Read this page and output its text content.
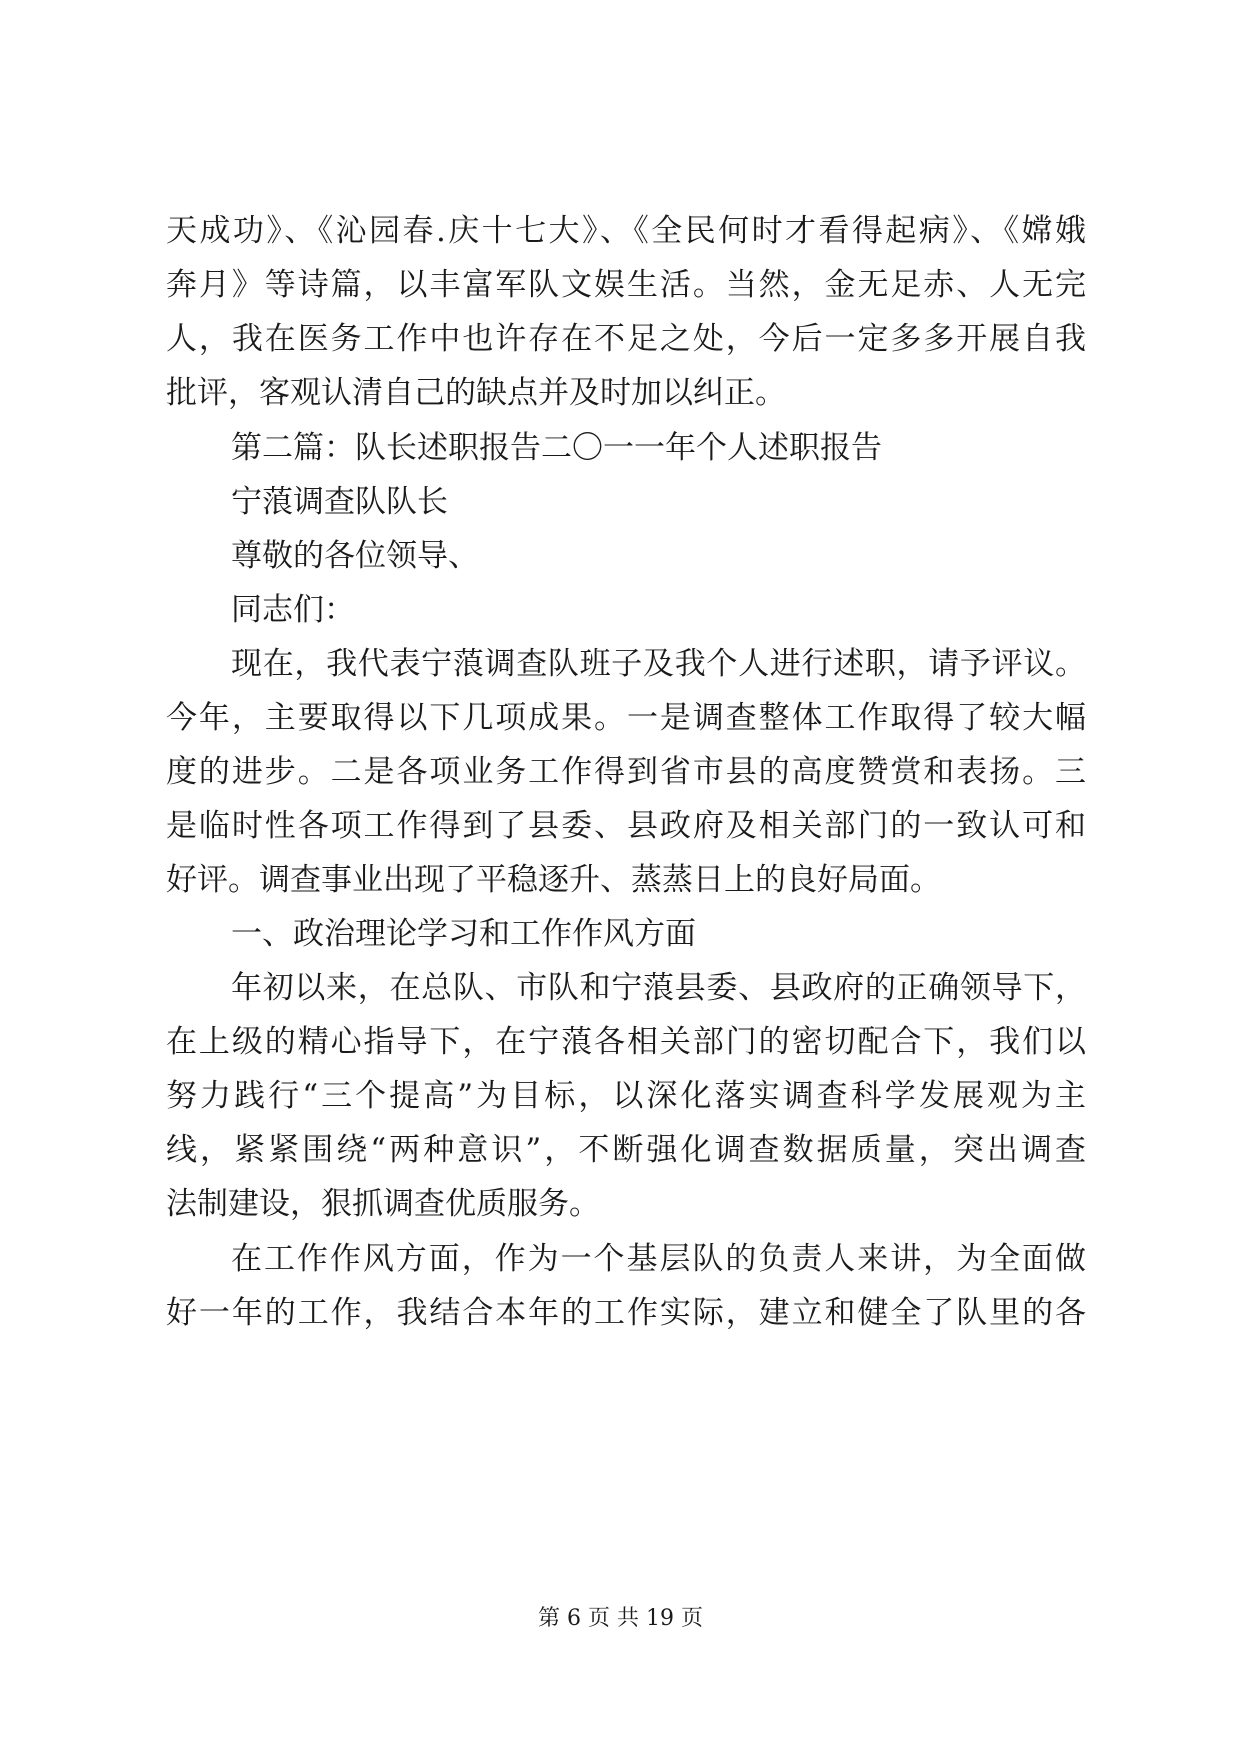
天成功》、《沁园春.庆十七大》、《全民何时才看得起病》、《嫦娥
奔月》等诗篇，以丰富军队文娱生活。当然，金无足赤、人无完
人，我在医务工作中也许存在不足之处，今后一定多多开展自我
批评，客观认清自己的缺点并及时加以纠正。
第二篇：队长述职报告二〇一一年个人述职报告
宁蒗调查队队长
尊敬的各位领导、
同志们：
现在，我代表宁蒗调查队班子及我个人进行述职，请予评议。
今年，主要取得以下几项成果。一是调查整体工作取得了较大幅
度的进步。二是各项业务工作得到省市县的高度赞赏和表扬。三
是临时性各项工作得到了县委、县政府及相关部门的一致认可和
好评。调查事业出现了平稳逐升、蒸蒸日上的良好局面。
一、政治理论学习和工作作风方面
年初以来，在总队、市队和宁蒗县委、县政府的正确领导下，
在上级的精心指导下，在宁蒗各相关部门的密切配合下，我们以
努力践行“三个提高”为目标，以深化落实调查科学发展观为主
线，紧紧围绕“两种意识”，不断强化调查数据质量，突出调查
法制建设，狠抓调查优质服务。
在工作作风方面，作为一个基层队的负责人来讲，为全面做
好一年的工作，我结合本年的工作实际，建立和健全了队里的各
第 6 页 共 19 页
